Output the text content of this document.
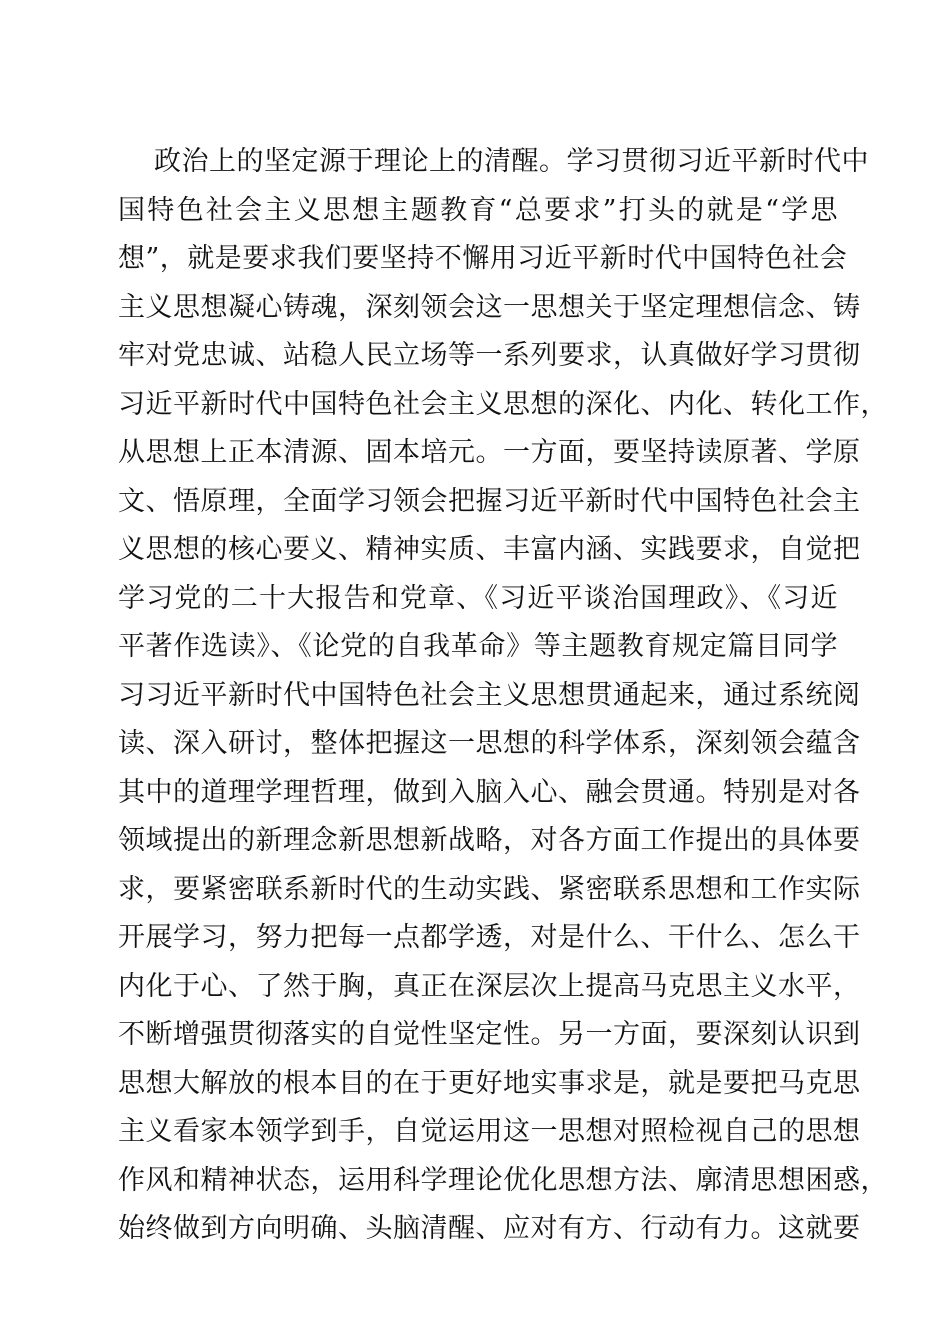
政治上的坚定源于理论上的清醒。学习贯彻习近平新时代中
国特色社会主义思想主题教育“总要求”打头的就是“学思
想”，就是要求我们要坚持不懈用习近平新时代中国特色社会
主义思想凝心铸魂，深刻领会这一思想关于坚定理想信念、铸
牢对党忠诚、站稳人民立场等一系列要求，认真做好学习贯彻
习近平新时代中国特色社会主义思想的深化、内化、转化工作，
从思想上正本清源、固本培元。一方面，要坚持读原著、学原
文、悟原理，全面学习领会把握习近平新时代中国特色社会主
义思想的核心要义、精神实质、丰富内涵、实践要求，自觉把
学习党的二十大报告和党章、《习近平谈治国理政》、《习近
平著作选读》、《论党的自我革命》等主题教育规定篇目同学
习习近平新时代中国特色社会主义思想贯通起来，通过系统阅
读、深入研讨，整体把握这一思想的科学体系，深刻领会蕴含
其中的道理学理哲理，做到入脑入心、融会贯通。特别是对各
领域提出的新理念新思想新战略，对各方面工作提出的具体要
求，要紧密联系新时代的生动实践、紧密联系思想和工作实际
开展学习，努力把每一点都学透，对是什么、干什么、怎么干
内化于心、了然于胸，真正在深层次上提高马克思主义水平，
不断增强贯彻落实的自觉性坚定性。另一方面，要深刻认识到
思想大解放的根本目的在于更好地实事求是，就是要把马克思
主义看家本领学到手，自觉运用这一思想对照检视自己的思想
作风和精神状态，运用科学理论优化思想方法、廓清思想困惑，
始终做到方向明确、头脑清醒、应对有方、行动有力。这就要
